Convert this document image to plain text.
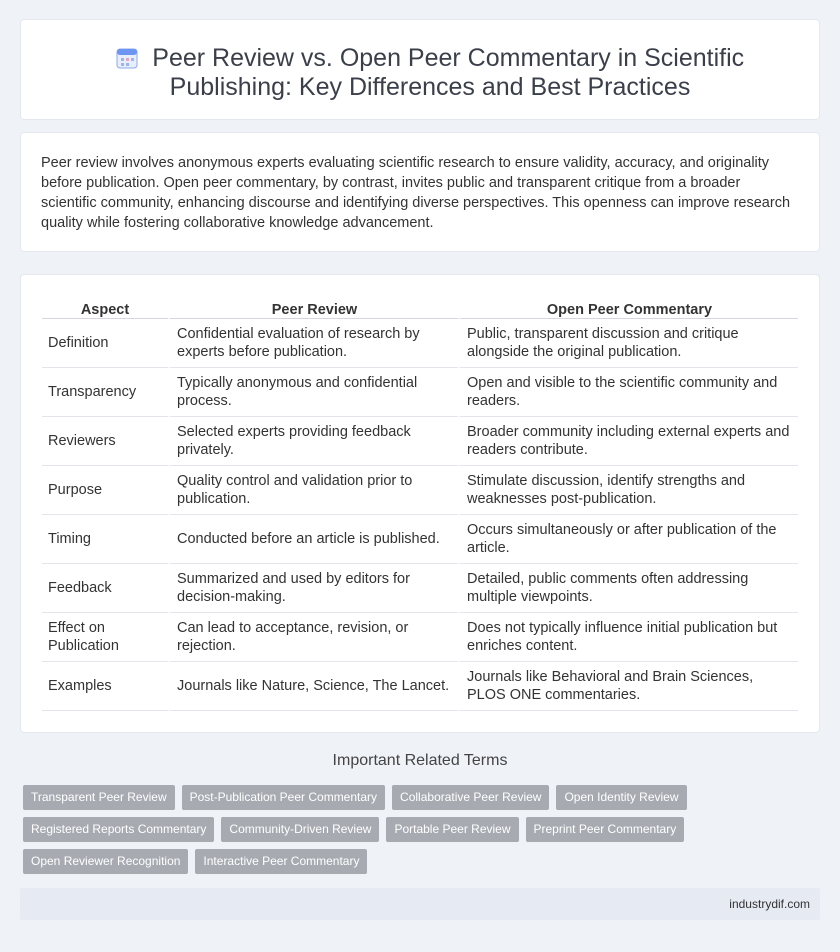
Peer Review vs. Open Peer Commentary in Scientific Publishing: Key Differences and Best Practices

Peer review involves anonymous experts evaluating scientific research to ensure validity, accuracy, and originality before publication. Open peer commentary, by contrast, invites public and transparent critique from a broader scientific community, enhancing discourse and identifying diverse perspectives. This openness can improve research quality while fostering collaborative knowledge advancement.

Aspect	Peer Review	Open Peer Commentary
Definition	Confidential evaluation of research by experts before publication.	Public, transparent discussion and critique alongside the original publication.
Transparency	Typically anonymous and confidential process.	Open and visible to the scientific community and readers.
Reviewers	Selected experts providing feedback privately.	Broader community including external experts and readers contribute.
Purpose	Quality control and validation prior to publication.	Stimulate discussion, identify strengths and weaknesses post-publication.
Timing	Conducted before an article is published.	Occurs simultaneously or after publication of the article.
Feedback	Summarized and used by editors for decision-making.	Detailed, public comments often addressing multiple viewpoints.
Effect on Publication	Can lead to acceptance, revision, or rejection.	Does not typically influence initial publication but enriches content.
Examples	Journals like Nature, Science, The Lancet.	Journals like Behavioral and Brain Sciences, PLOS ONE commentaries.
Important Related Terms
Transparent Peer Review	Post-Publication Peer Commentary	Collaborative Peer Review	Open Identity Review
Registered Reports Commentary	Community-Driven Review	Portable Peer Review	Preprint Peer Commentary
Open Reviewer Recognition	Interactive Peer Commentary
industrydif.com
